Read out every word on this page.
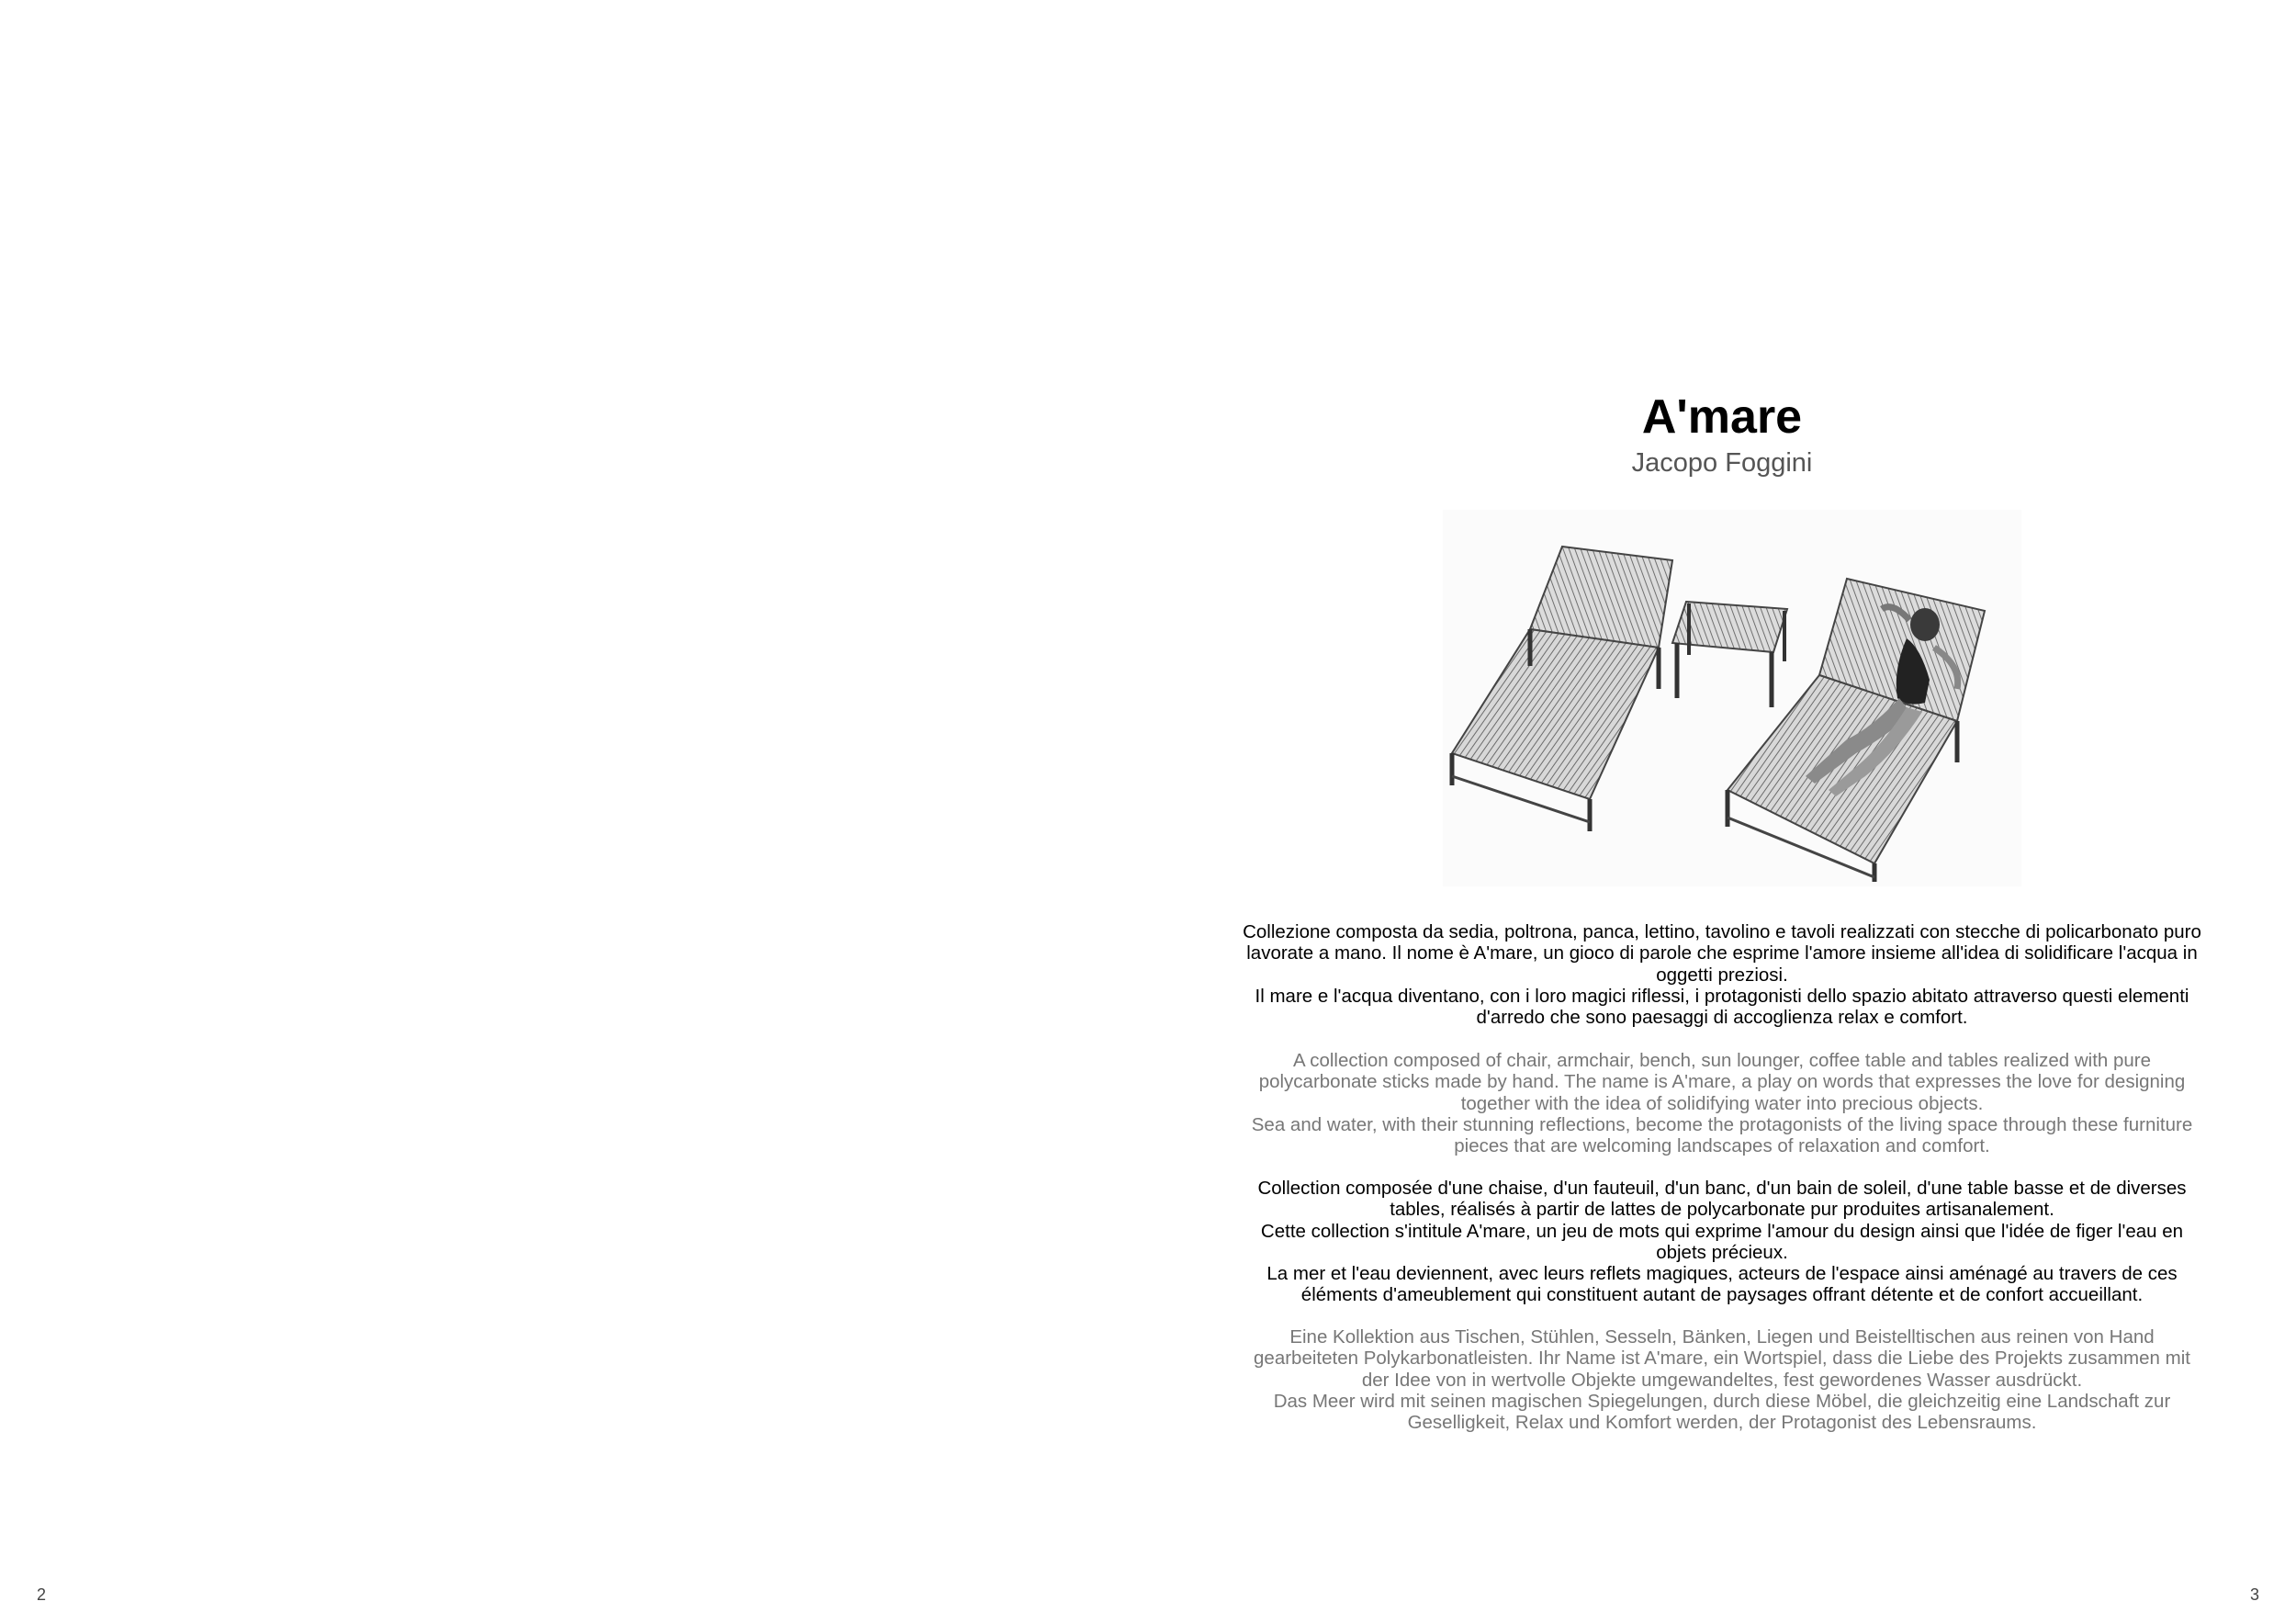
2
A'mare
Jacopo Foggini

Collezione composta da sedia, poltrona, panca, lettino, tavolino e tavoli realizzati con stecche di policarbonato puro lavorate a mano. Il nome è A'mare, un gioco di parole che esprime l'amore insieme all'idea di solidificare l'acqua in oggetti preziosi.

Il mare e l'acqua diventano, con i loro magici riflessi, i protagonisti dello spazio abitato attraverso questi elementi d'arredo che sono paesaggi di accoglienza relax e comfort.

A collection composed of chair, armchair, bench, sun lounger, coffee table and tables realized with pure polycarbonate sticks made by hand. The name is A'mare, a play on words that expresses the love for designing together with the idea of solidifying water into precious objects.

Sea and water, with their stunning reflections, become the protagonists of the living space through these furniture pieces that are welcoming landscapes of relaxation and comfort.

Collection composée d'une chaise, d'un fauteuil, d'un banc, d'un bain de soleil, d'une table basse et de diverses tables, réalisés à partir de lattes de polycarbonate pur produites artisanalement.

Cette collection s'intitule A'mare, un jeu de mots qui exprime l'amour du design ainsi que l'idée de figer l'eau en objets précieux.

La mer et l'eau deviennent, avec leurs reflets magiques, acteurs de l'espace ainsi aménagé au travers de ces éléments d'ameublement qui constituent autant de paysages offrant détente et de confort accueillant.

Eine Kollektion aus Tischen, Stühlen, Sesseln, Bänken, Liegen und Beistelltischen aus reinen von Hand gearbeiteten Polykarbonatleisten. Ihr Name ist A'mare, ein Wortspiel, dass die Liebe des Projekts zusammen mit der Idee von in wertvolle Objekte umgewandeltes, fest gewordenes Wasser ausdrückt.

Das Meer wird mit seinen magischen Spiegelungen, durch diese Möbel, die gleichzeitig eine Landschaft zur Geselligkeit, Relax und Komfort werden, der Protagonist des Lebensraums.

3
